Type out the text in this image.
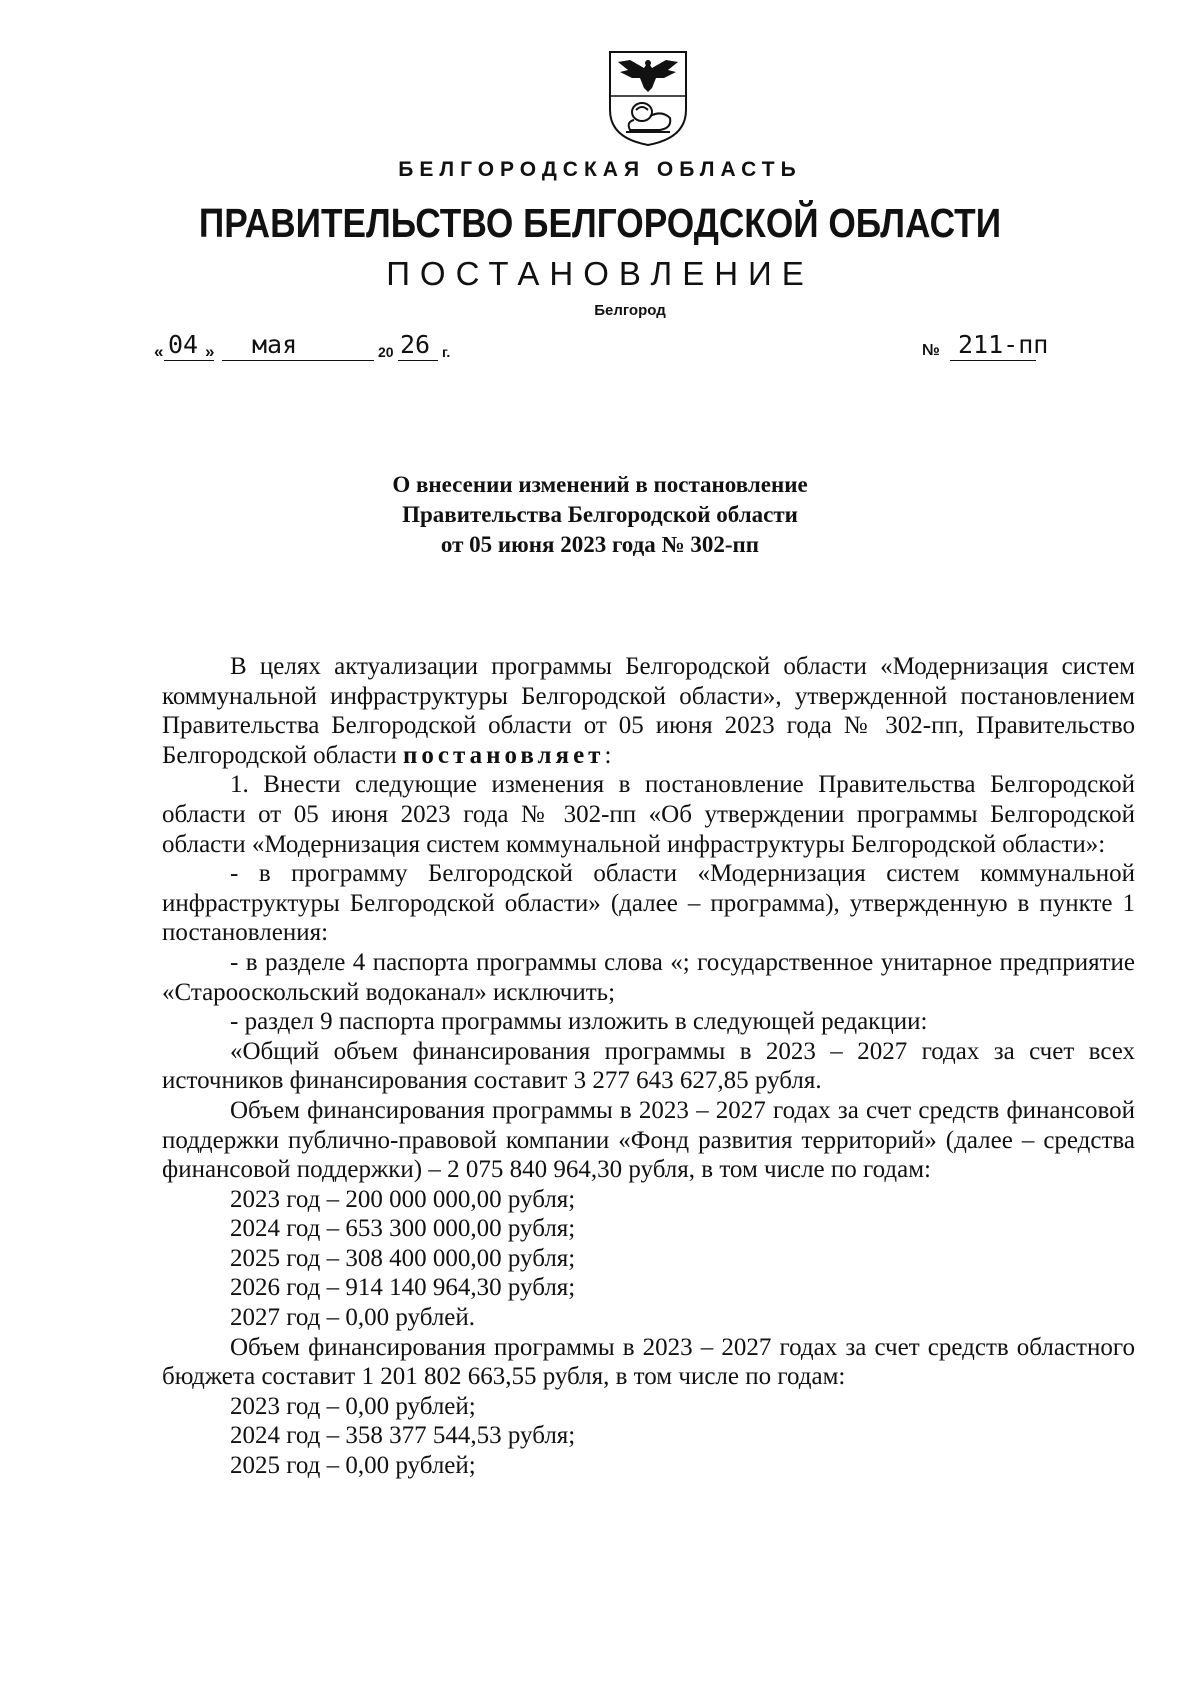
БЕЛГОРОДСКАЯ ОБЛАСТЬ
ПРАВИТЕЛЬСТВО БЕЛГОРОДСКОЙ ОБЛАСТИ
ПОСТАНОВЛЕНИЕ
Белгород
« 04 » мая	20 26 г.	№ 211-пп
О внесении изменений в постановление
Правительства Белгородской области
от 05 июня 2023 года № 302-пп

В целях актуализации программы Белгородской области «Модернизация систем коммунальной инфраструктуры Белгородской области», утвержденной постановлением Правительства Белгородской области от 05 июня 2023 года № 302-пп, Правительство Белгородской области постановляет:

1. Внести следующие изменения в постановление Правительства Белгородской области от 05 июня 2023 года № 302-пп «Об утверждении программы Белгородской области «Модернизация систем коммунальной инфраструктуры Белгородской области»:

- в программу Белгородской области «Модернизация систем коммунальной инфраструктуры Белгородской области» (далее – программа), утвержденную в пункте 1 постановления:

- в разделе 4 паспорта программы слова «; государственное унитарное предприятие «Старооскольский водоканал» исключить;

- раздел 9 паспорта программы изложить в следующей редакции:

«Общий объем финансирования программы в 2023 – 2027 годах за счет всех источников финансирования составит 3 277 643 627,85 рубля.

Объем финансирования программы в 2023 – 2027 годах за счет средств финансовой поддержки публично-правовой компании «Фонд развития территорий» (далее – средства финансовой поддержки) – 2 075 840 964,30 рубля, в том числе по годам:

2023 год – 200 000 000,00 рубля;
2024 год – 653 300 000,00 рубля;
2025 год – 308 400 000,00 рубля;
2026 год – 914 140 964,30 рубля;
2027 год – 0,00 рублей.

Объем финансирования программы в 2023 – 2027 годах за счет средств областного бюджета составит 1 201 802 663,55 рубля, в том числе по годам:

2023 год – 0,00 рублей;
2024 год – 358 377 544,53 рубля;
2025 год – 0,00 рублей;
